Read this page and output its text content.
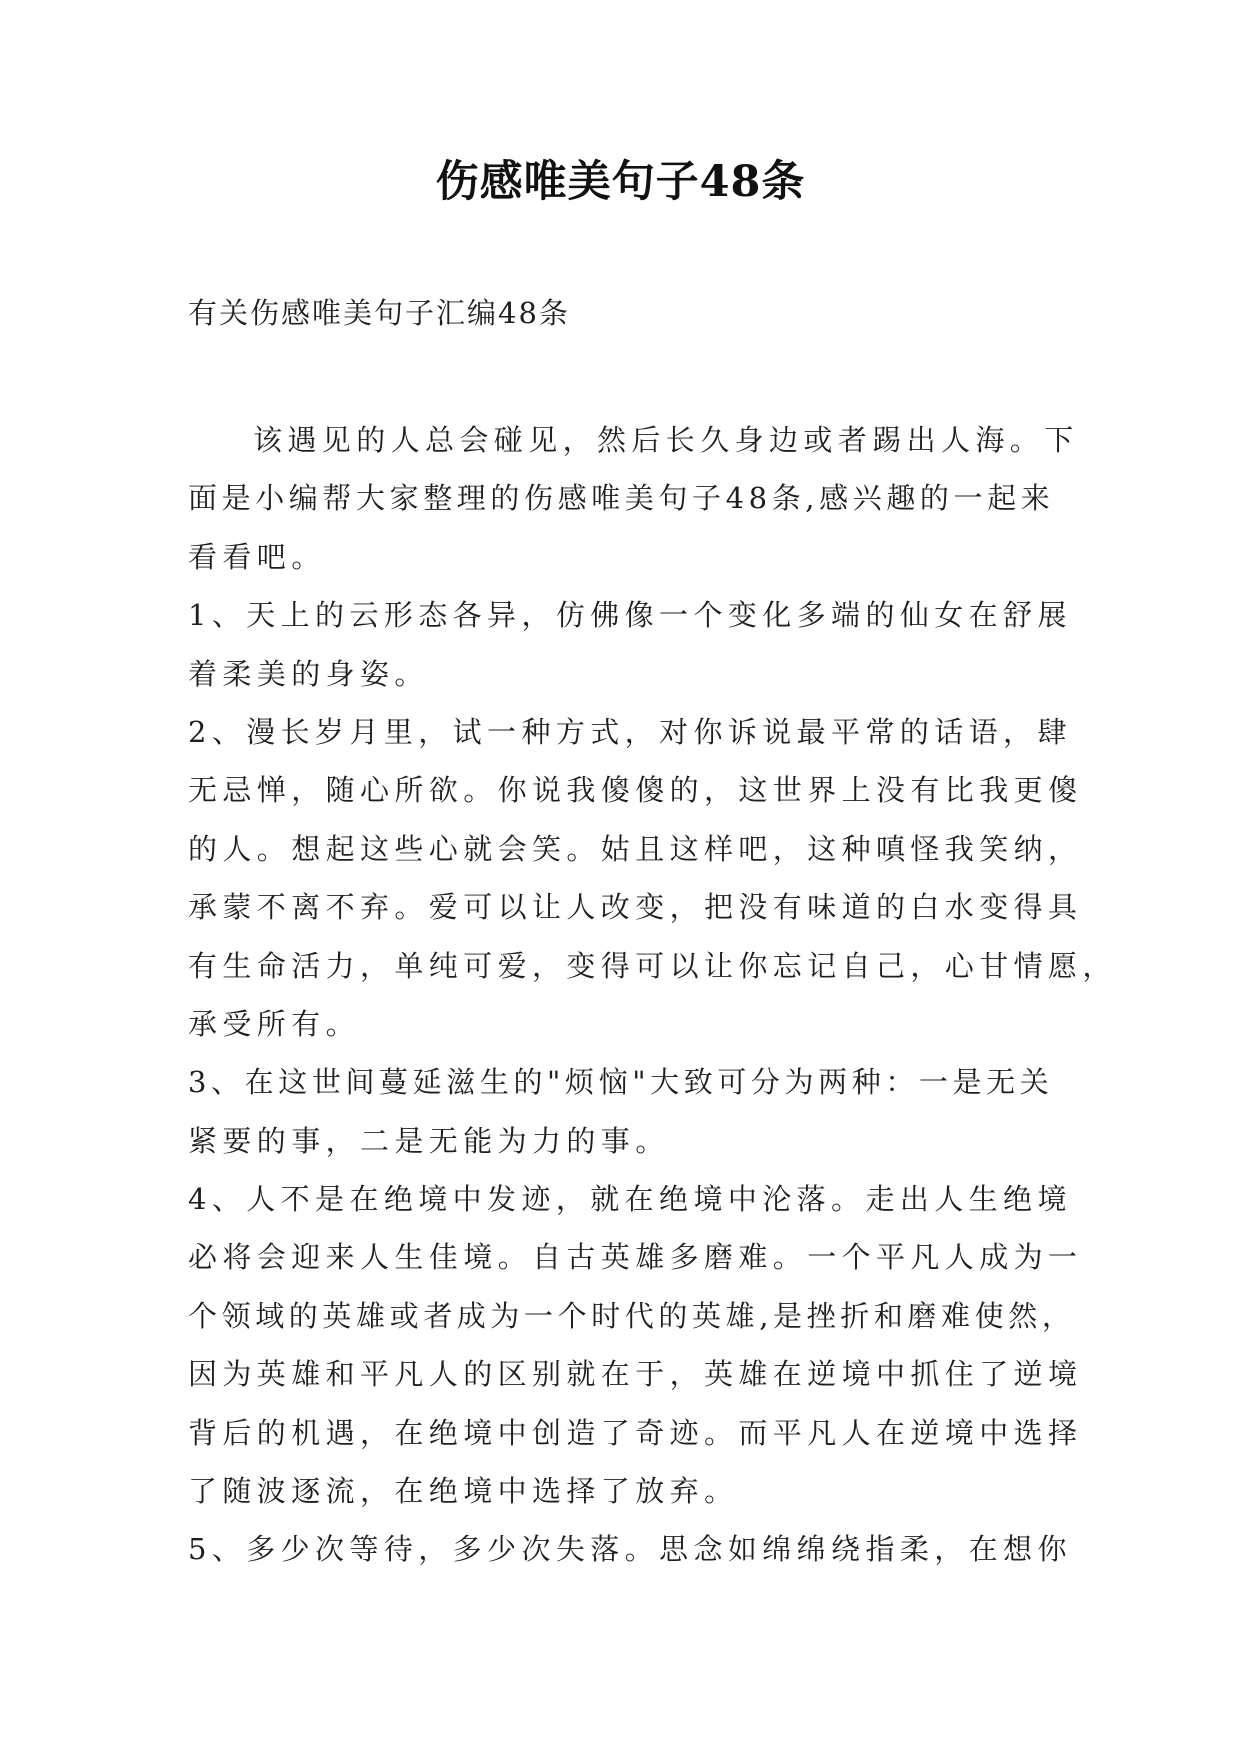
伤感唯美句子48条
有关伤感唯美句子汇编48条
该遇见的人总会碰见，然后长久身边或者踢出人海。下
面是小编帮大家整理的伤感唯美句子48条,感兴趣的一起来
看看吧。
1、天上的云形态各异，仿佛像一个变化多端的仙女在舒展
着柔美的身姿。
2、漫长岁月里，试一种方式，对你诉说最平常的话语，肆
无忌惮，随心所欲。你说我傻傻的，这世界上没有比我更傻
的人。想起这些心就会笑。姑且这样吧，这种嗔怪我笑纳，
承蒙不离不弃。爱可以让人改变，把没有味道的白水变得具
有生命活力，单纯可爱，变得可以让你忘记自己，心甘情愿，
承受所有。
3、在这世间蔓延滋生的"烦恼"大致可分为两种：一是无关
紧要的事，二是无能为力的事。
4、人不是在绝境中发迹，就在绝境中沦落。走出人生绝境
必将会迎来人生佳境。自古英雄多磨难。一个平凡人成为一
个领域的英雄或者成为一个时代的英雄,是挫折和磨难使然，
因为英雄和平凡人的区别就在于，英雄在逆境中抓住了逆境
背后的机遇，在绝境中创造了奇迹。而平凡人在逆境中选择
了随波逐流，在绝境中选择了放弃。
5、多少次等待，多少次失落。思念如绵绵绕指柔，在想你
